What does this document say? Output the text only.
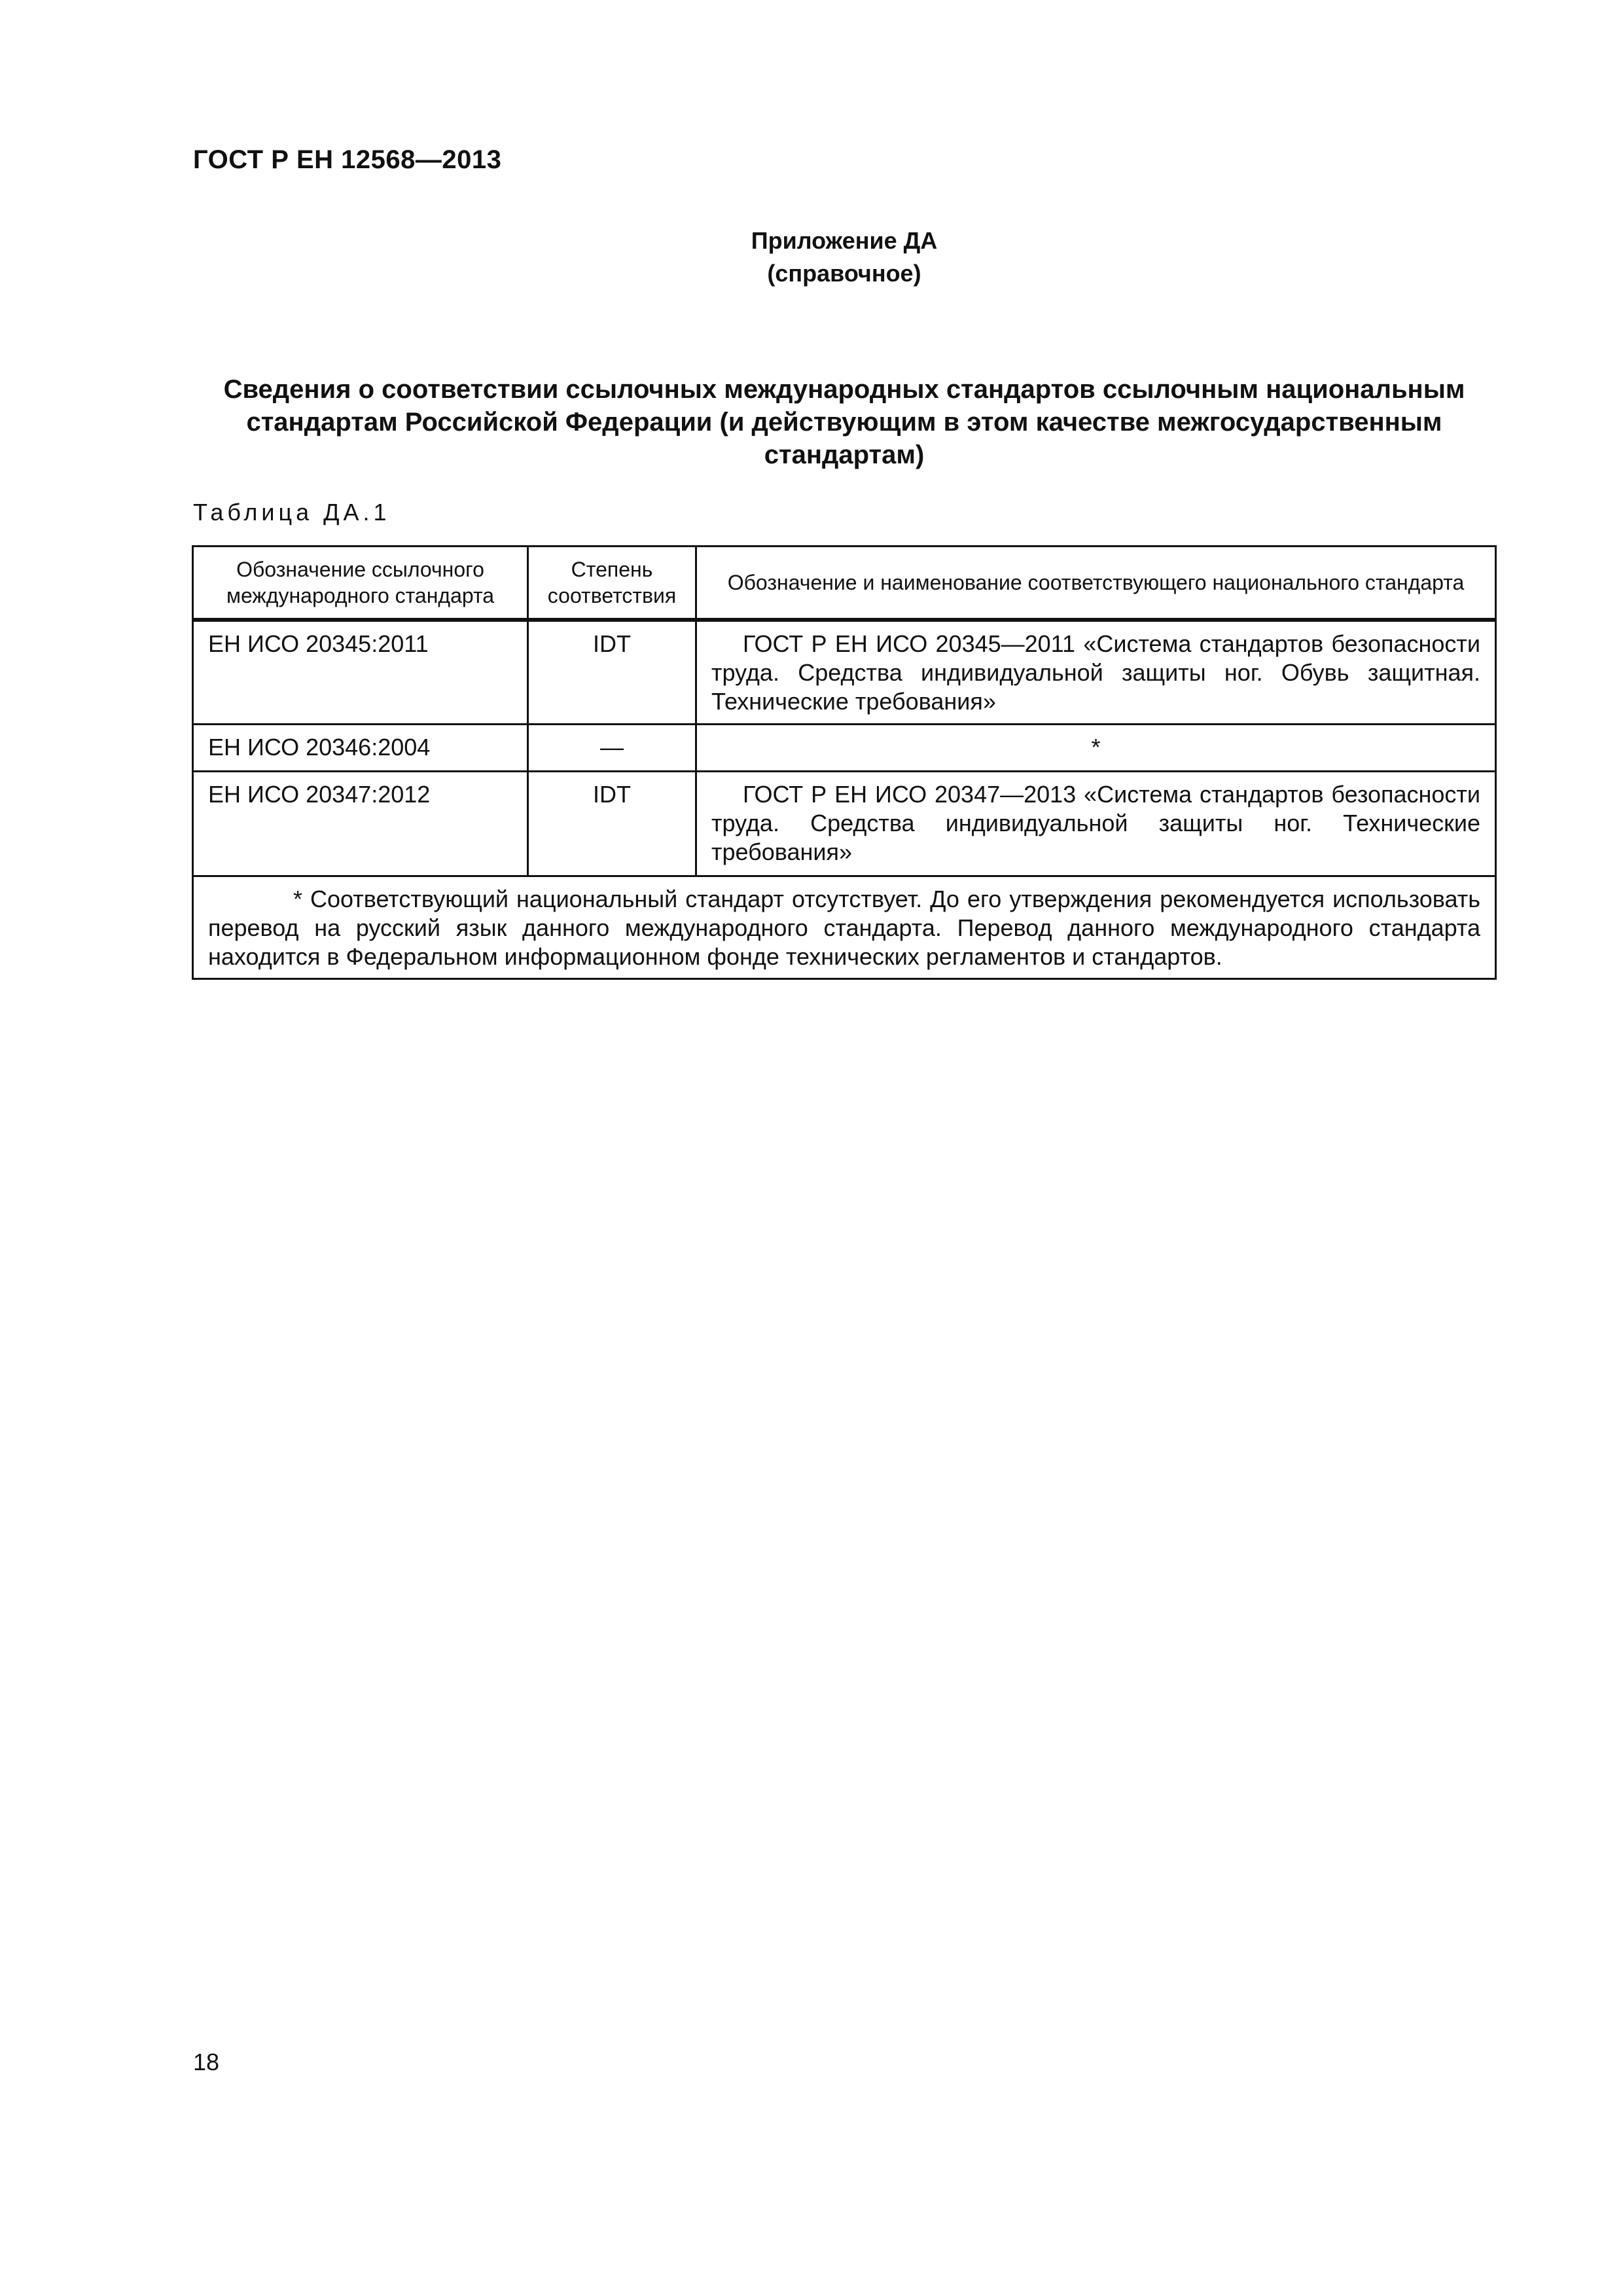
ГОСТ Р ЕН 12568—2013
Приложение ДА
(справочное)
Сведения о соответствии ссылочных международных стандартов ссылочным национальным стандартам Российской Федерации (и действующим в этом качестве межгосударственным стандартам)
Таблица ДА.1
Обозначение ссылочного международного стандарта	Степень соответствия	Обозначение и наименование соответствующего национального стандарта
ЕН ИСО 20345:2011	IDT	ГОСТ Р ЕН ИСО 20345—2011 «Система стандартов безопасности труда. Средства индивидуальной защиты ног. Обувь защитная. Технические требования»
ЕН ИСО 20346:2004	—	*
ЕН ИСО 20347:2012	IDT	ГОСТ Р ЕН ИСО 20347—2013 «Система стандартов безопасности труда. Средства индивидуальной защиты ног. Технические требования»
* Соответствующий национальный стандарт отсутствует. До его утверждения рекомендуется использовать перевод на русский язык данного международного стандарта. Перевод данного международного стандарта находится в Федеральном информационном фонде технических регламентов и стандартов.		
18
